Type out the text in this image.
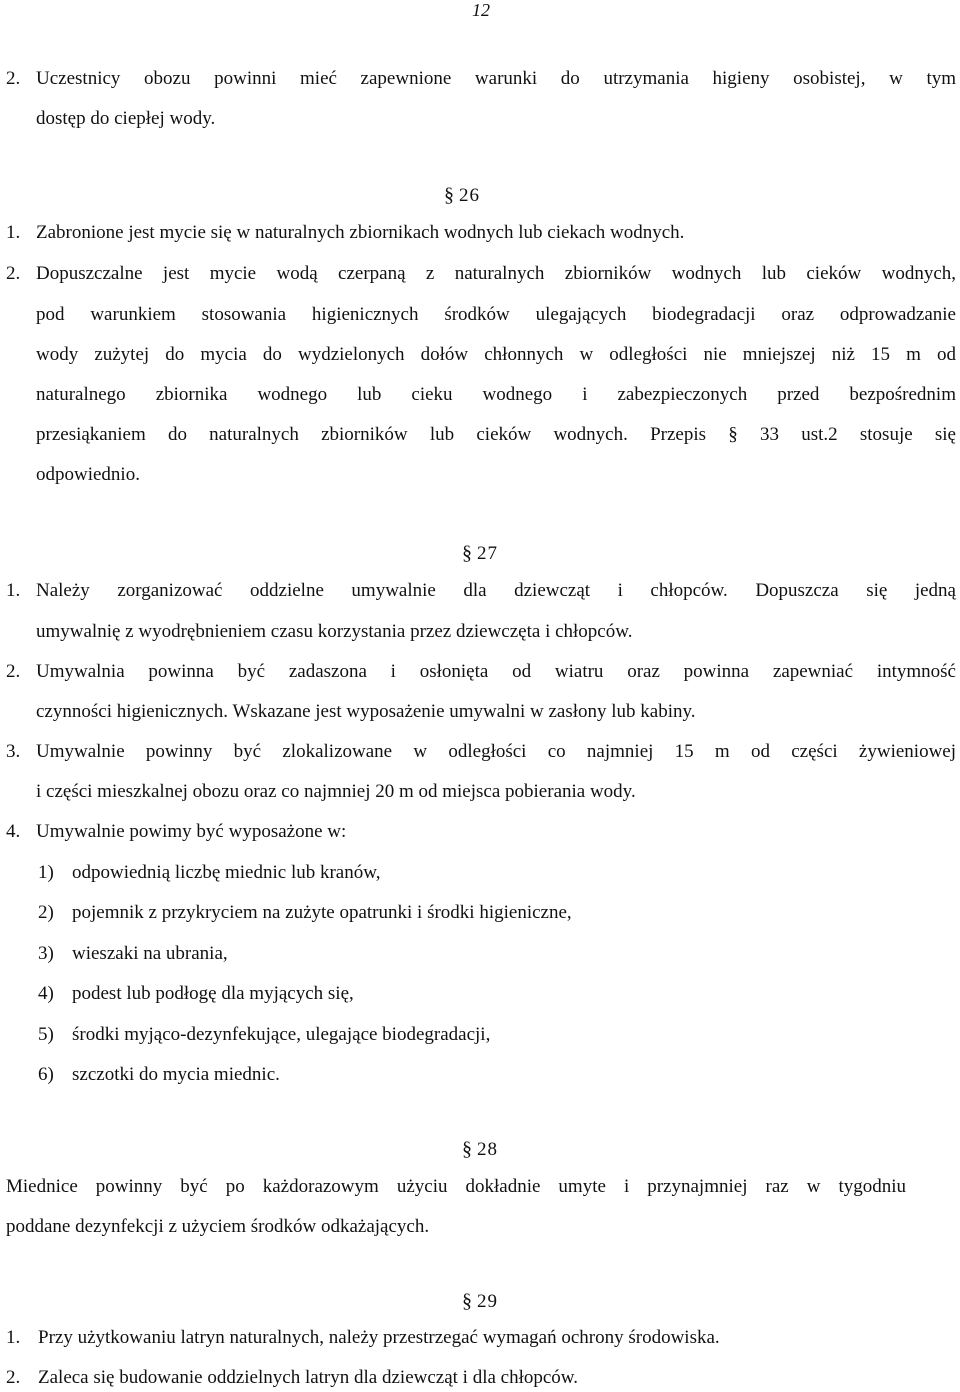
12
2. Uczestnicy obozu powinni mieć zapewnione warunki do utrzymania higieny osobistej, w tym
dostęp do ciepłej wody.
§ 26
1. Zabronione jest mycie się w naturalnych zbiornikach wodnych lub ciekach wodnych.
2. Dopuszczalne jest mycie wodą czerpaną z naturalnych zbiorników wodnych lub cieków wodnych,
pod warunkiem stosowania higienicznych środków ulegających biodegradacji oraz odprowadzanie
wody zużytej do mycia do wydzielonych dołów chłonnych w odległości nie mniejszej niż 15 m od
naturalnego zbiornika wodnego lub cieku wodnego i zabezpieczonych przed bezpośrednim
przesiąkaniem do naturalnych zbiorników lub cieków wodnych. Przepis § 33 ust.2 stosuje się
odpowiednio.
§ 27
1. Należy zorganizować oddzielne umywalnie dla dziewcząt i chłopców. Dopuszcza się jedną
umywalnię z wyodrębnieniem czasu korzystania przez dziewczęta i chłopców.
2. Umywalnia powinna być zadaszona i osłonięta od wiatru oraz powinna zapewniać intymność
czynności higienicznych. Wskazane jest wyposażenie umywalni w zasłony lub kabiny.
3. Umywalnie powinny być zlokalizowane w odległości co najmniej 15 m od części żywieniowej
i części mieszkalnej obozu oraz co najmniej 20 m od miejsca pobierania wody.
4. Umywalnie powimy być wyposażone w:
1) odpowiednią liczbę miednic lub kranów,
2) pojemnik z przykryciem na zużyte opatrunki i środki higieniczne,
3) wieszaki na ubrania,
4) podest lub podłogę dla myjących się,
5) środki myjąco-dezynfekujące, ulegające biodegradacji,
6) szczotki do mycia miednic.
§ 28
Miednice powinny być po każdorazowym użyciu dokładnie umyte i przynajmniej raz w tygodniu
poddane dezynfekcji z użyciem środków odkażających.
§ 29
1. Przy użytkowaniu latryn naturalnych, należy przestrzegać wymagań ochrony środowiska.
2. Zaleca się budowanie oddzielnych latryn dla dziewcząt i dla chłopców.
